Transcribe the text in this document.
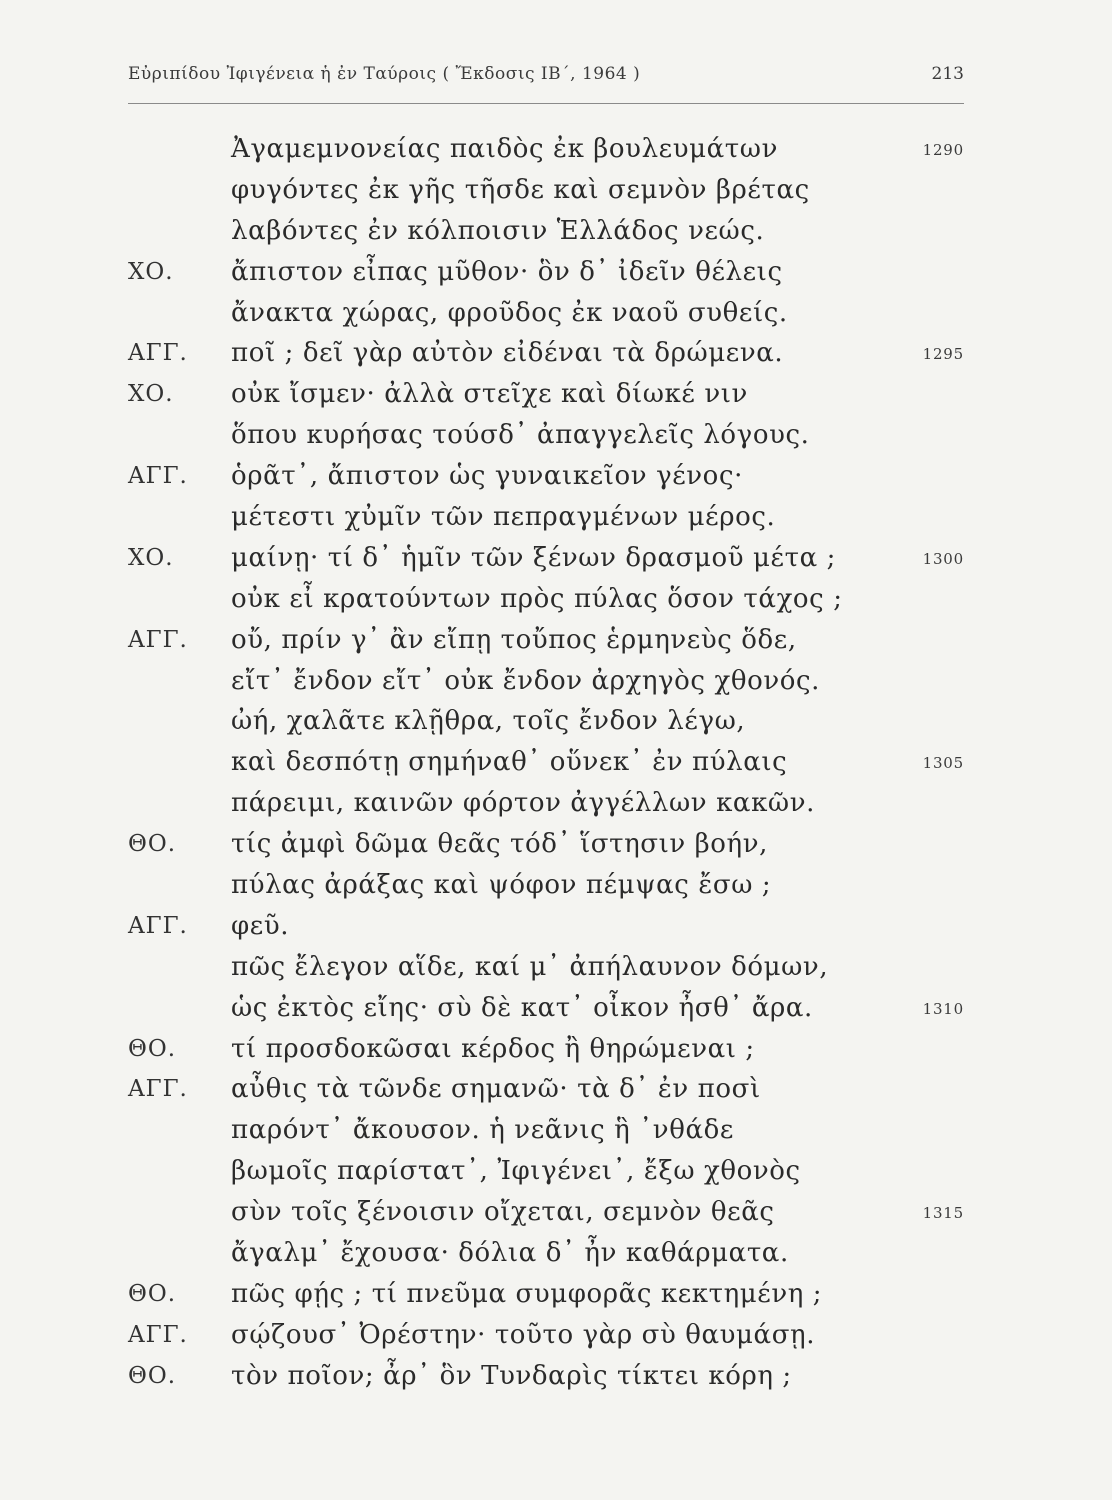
Εὐριπίδου Ἰφιγένεια ἡ ἐν Ταύροις ( Ἔκδοσις ΙΒ΄, 1964 )	213
Ἀγαμεμνονείας παιδὸς ἐκ βουλευμάτων	1290
φυγόντες ἐκ γῆς τῆσδε καὶ σεμνὸν βρέτας
λαβόντες ἐν κόλποισιν Ἑλλάδος νεώς.
ΧΟ. ἄπιστον εἶπας μῦθον· ὃν δ᾽ ἰδεῖν θέλεις
ἄνακτα χώρας, φροῦδος ἐκ ναοῦ συθείς.
ΑΓΓ. ποῖ ; δεῖ γὰρ αὐτὸν εἰδέναι τὰ δρώμενα.	1295
ΧΟ. οὐκ ἴσμεν· ἀλλὰ στεῖχε καὶ δίωκέ νιν
ὅπου κυρήσας τούσδ᾽ ἀπαγγελεῖς λόγους.
ΑΓΓ. ὁρᾶτ᾽, ἄπιστον ὡς γυναικεῖον γένος·
μέτεστι χὐμῖν τῶν πεπραγμένων μέρος.
ΧΟ. μαίνῃ· τί δ᾽ ἡμῖν τῶν ξένων δρασμοῦ μέτα ;	1300
οὐκ εἶ κρατούντων πρὸς πύλας ὅσον τάχος ;
ΑΓΓ. οὔ, πρίν γ᾽ ἂν εἴπῃ τοὔπος ἑρμηνεὺς ὅδε,
εἴτ᾽ ἔνδον εἴτ᾽ οὐκ ἔνδον ἀρχηγὸς χθονός.
ὠή, χαλᾶτε κλῇθρα, τοῖς ἔνδον λέγω,
καὶ δεσπότῃ σημήναθ᾽ οὕνεκ᾽ ἐν πύλαις	1305
πάρειμι, καινῶν φόρτον ἀγγέλλων κακῶν.
ΘΟ. τίς ἀμφὶ δῶμα θεᾶς τόδ᾽ ἵστησιν βοήν,
πύλας ἀράξας καὶ ψόφον πέμψας ἔσω ;
ΑΓΓ. φεῦ.
πῶς ἔλεγον αἵδε, καί μ᾽ ἀπήλαυνον δόμων,
ὡς ἐκτὸς εἴης· σὺ δὲ κατ᾽ οἶκον ἦσθ᾽ ἄρα.	1310
ΘΟ. τί προσδοκῶσαι κέρδος ἢ θηρώμεναι ;
ΑΓΓ. αὖθις τὰ τῶνδε σημανῶ· τὰ δ᾽ ἐν ποσὶ
παρόντ᾽ ἄκουσον. ἡ νεᾶνις ἣ ᾽νθάδε
βωμοῖς παρίστατ᾽, Ἰφιγένει᾽, ἔξω χθονὸς
σὺν τοῖς ξένοισιν οἴχεται, σεμνὸν θεᾶς	1315
ἄγαλμ᾽ ἔχουσα· δόλια δ᾽ ἦν καθάρματα.
ΘΟ. πῶς φῄς ; τί πνεῦμα συμφορᾶς κεκτημένη ;
ΑΓΓ. σῴζουσ᾽ Ὀρέστην· τοῦτο γὰρ σὺ θαυμάσῃ.
ΘΟ. τὸν ποῖον; ἆρ᾽ ὃν Τυνδαρὶς τίκτει κόρη ;
